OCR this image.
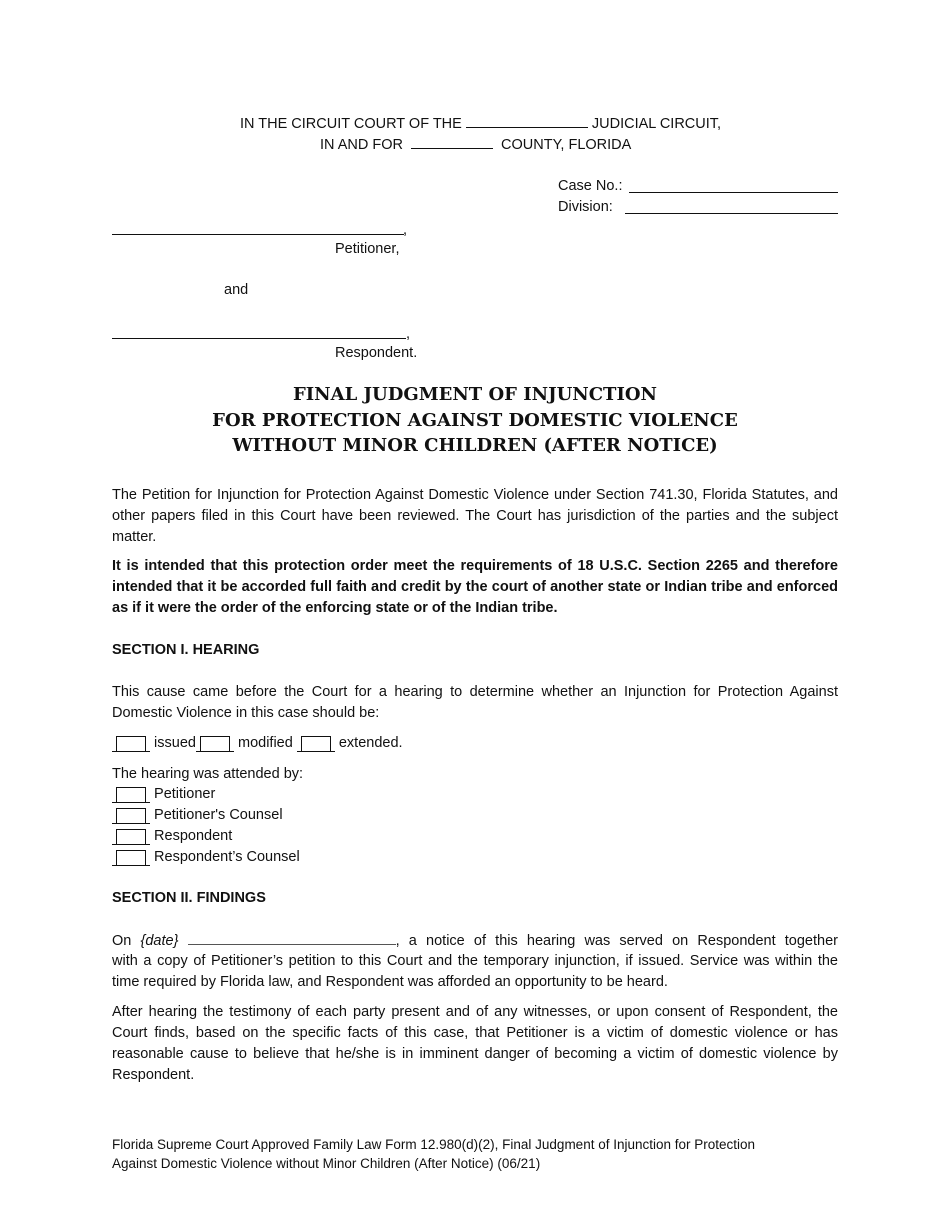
IN THE CIRCUIT COURT OF THE	JUDICIAL CIRCUIT,
IN AND FOR	COUNTY, FLORIDA
Case No.:
Division:
,
Petitioner,
and
,
Respondent.
FINAL JUDGMENT OF INJUNCTION
FOR PROTECTION AGAINST DOMESTIC VIOLENCE
WITHOUT MINOR CHILDREN (AFTER NOTICE)

The Petition for Injunction for Protection Against Domestic Violence under Section 741.30, Florida Statutes, and other papers filed in this Court have been reviewed. The Court has jurisdiction of the parties and the subject matter.

It is intended that this protection order meet the requirements of 18 U.S.C. Section 2265 and therefore intended that it be accorded full faith and credit by the court of another state or Indian tribe and enforced as if it were the order of the enforcing state or of the Indian tribe.

SECTION I. HEARING

This cause came before the Court for a hearing to determine whether an Injunction for Protection Against Domestic Violence in this case should be:

issued	modified	extended.
The hearing was attended by:
Petitioner
Petitioner's Counsel
Respondent
Respondent’s Counsel
SECTION II. FINDINGS
On {date}	, a notice of this hearing was served on Respondent together

with a copy of Petitioner’s petition to this Court and the temporary injunction, if issued. Service was within the time required by Florida law, and Respondent was afforded an opportunity to be heard.

After hearing the testimony of each party present and of any witnesses, or upon consent of Respondent, the Court finds, based on the specific facts of this case, that Petitioner is a victim of domestic violence or has reasonable cause to believe that he/she is in imminent danger of becoming a victim of domestic violence by Respondent.

Florida Supreme Court Approved Family Law Form 12.980(d)(2), Final Judgment of Injunction for Protection
Against Domestic Violence without Minor Children (After Notice) (06/21)
